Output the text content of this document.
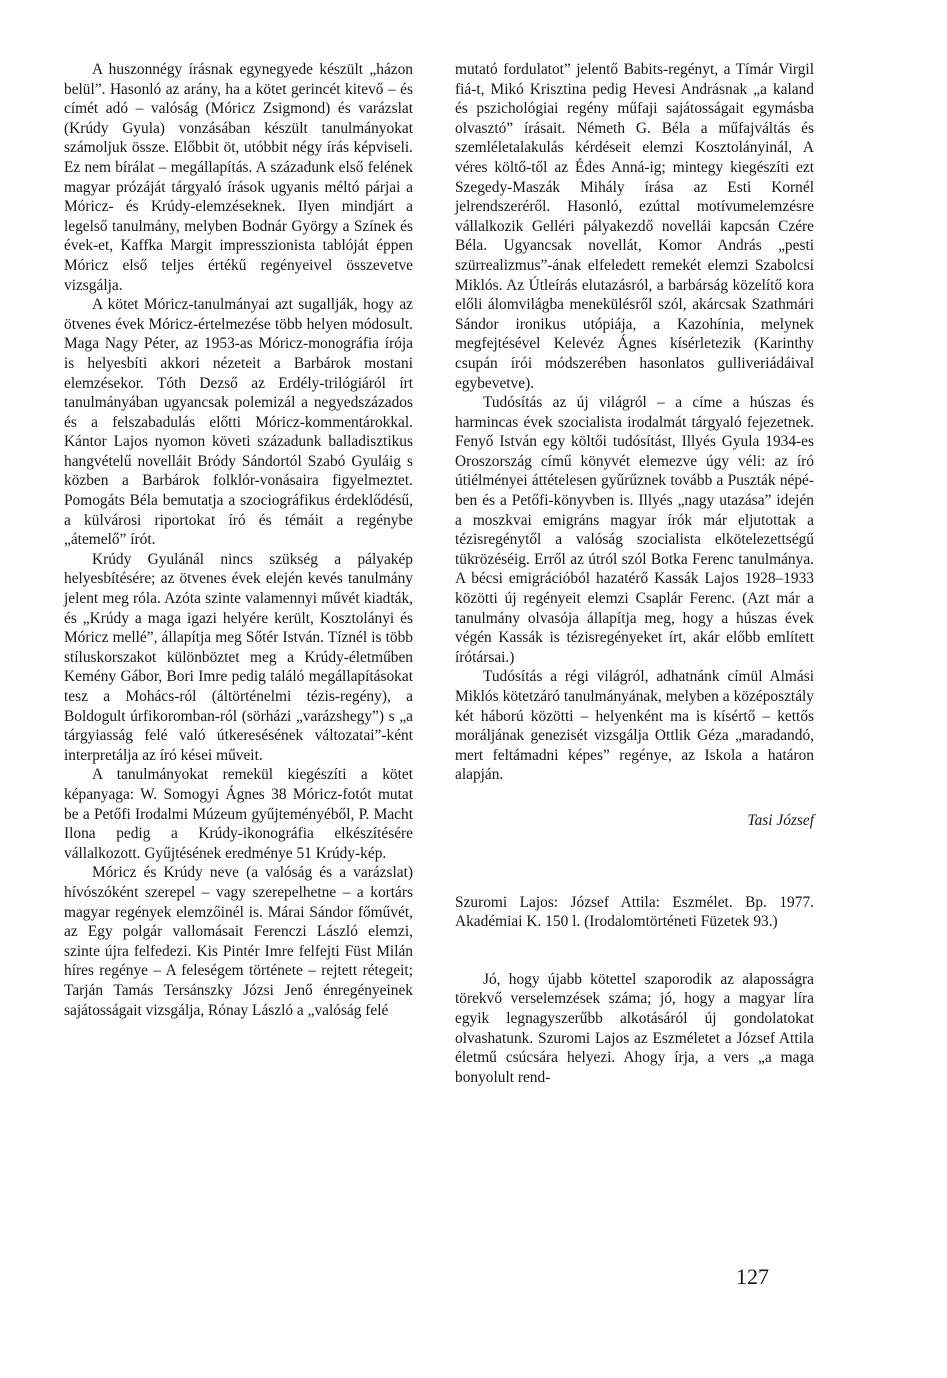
A huszonnégy írásnak egynegyede készült „házon belül”. Hasonló az arány, ha a kötet gerincét kitevő – és címét adó – valóság (Móricz Zsigmond) és varázslat (Krúdy Gyula) vonzásában készült tanulmányokat számoljuk össze. Előbbit öt, utóbbit négy írás képviseli. Ez nem bírálat – megállapítás. A századunk első felének magyar prózáját tárgyaló írások ugyanis méltó párjai a Móricz- és Krúdy-elemzéseknek. Ilyen mindjárt a legelső tanulmány, melyben Bodnár György a Színek és évek-et, Kaffka Margit impresszionista tablóját éppen Móricz első teljes értékű regényeivel összevetve vizsgálja.

A kötet Móricz-tanulmányai azt sugallják, hogy az ötvenes évek Móricz-értelmezése több helyen módosult. Maga Nagy Péter, az 1953-as Móricz-monográfia írója is helyesbíti akkori nézeteit a Barbárok mostani elemzésekor. Tóth Dezső az Erdély-trilógiáról írt tanulmányában ugyancsak polemizál a negyedszázados és a felszabadulás előtti Móricz-kommentárokkal. Kántor Lajos nyomon követi századunk balladisztikus hangvételű novelláit Bródy Sándortól Szabó Gyuláig s közben a Barbárok folklór-vonásaira figyelmeztet. Pomogáts Béla bemutatja a szociográfikus érdeklődésű, a külvárosi riportokat író és témáit a regénybe „átemelő” írót.

Krúdy Gyulánál nincs szükség a pályakép helyesbítésére; az ötvenes évek elején kevés tanulmány jelent meg róla. Azóta szinte valamennyi művét kiadták, és „Krúdy a maga igazi helyére került, Kosztolányi és Móricz mellé”, állapítja meg Sőtér István. Tíznél is több stíluskorszakot különböztet meg a Krúdy-életműben Kemény Gábor, Bori Imre pedig találó megállapításokat tesz a Mohács-ról (áltörténelmi tézis-regény), a Boldogult úrfikoromban-ról (sörházi „varázshegy”) s „a tárgyiasság felé való útkeresésének változatai”-ként interpretálja az író kései műveit.

A tanulmányokat remekül kiegészíti a kötet képanyaga: W. Somogyi Ágnes 38 Móricz-fotót mutat be a Petőfi Irodalmi Múzeum gyűjteményéből, P. Macht Ilona pedig a Krúdy-ikonográfia elkészítésére vállalkozott. Gyűjtésének eredménye 51 Krúdy-kép.

Móricz és Krúdy neve (a valóság és a varázslat) hívószóként szerepel – vagy szerepelhetne – a kortárs magyar regények elemzőinél is. Márai Sándor főművét, az Egy polgár vallomásait Ferenczi László elemzi, szinte újra felfedezi. Kis Pintér Imre felfejti Füst Milán híres regénye – A feleségem története – rejtett rétegeit; Tarján Tamás Tersánszky Józsi Jenő énregényeinek sajátosságait vizsgálja, Rónay László a „valóság felé

mutató fordulatot” jelentő Babits-regényt, a Tímár Virgil fiá-t, Mikó Krisztina pedig Hevesi Andrásnak „a kaland és pszichológiai regény műfaji sajátosságait egymásba olvasztó” írásait. Németh G. Béla a műfajváltás és szemléletalakulás kérdéseit elemzi Kosztolányinál, A véres költő-től az Édes Anná-ig; mintegy kiegészíti ezt Szegedy-Maszák Mihály írása az Esti Kornél jelrendszeréről. Hasonló, ezúttal motívumelemzésre vállalkozik Gelléri pályakezdő novellái kapcsán Czére Béla. Ugyancsak novellát, Komor András „pesti szürrealizmus”-ának elfeledett remekét elemzi Szabolcsi Miklós. Az Útleírás elutazásról, a barbárság közelítő kora előli álomvilágba menekülésről szól, akárcsak Szathmári Sándor ironikus utópiája, a Kazohínia, melynek megfejtésével Kelevéz Ágnes kísérletezik (Karinthy csupán írói módszerében hasonlatos gulliveriádáival egybevetve).

Tudósítás az új világról – a címe a húszas és harmincas évek szocialista irodalmát tárgyaló fejezetnek. Fenyő István egy költői tudósítást, Illyés Gyula 1934-es Oroszország című könyvét elemezve úgy véli: az író útiélményei áttételesen gyűrűznek tovább a Puszták népé-ben és a Petőfi-könyvben is. Illyés „nagy utazása” idején a moszkvai emigráns magyar írók már eljutottak a tézisregénytől a valóság szocialista elkötelezettségű tükrözéséig. Erről az útról szól Botka Ferenc tanulmánya. A bécsi emigrációból hazatérő Kassák Lajos 1928–1933 közötti új regényeit elemzi Csaplár Ferenc. (Azt már a tanulmány olvasója állapítja meg, hogy a húszas évek végén Kassák is tézisregényeket írt, akár előbb említett írótársai.)

Tudósítás a régi világról, adhatnánk címül Almási Miklós kötetzáró tanulmányának, melyben a középosztály két háború közötti – helyenként ma is kísértő – kettős moráljának genezisét vizsgálja Ottlik Géza „maradandó, mert feltámadni képes” regénye, az Iskola a határon alapján.

Tasi József

Szuromi Lajos: József Attila: Eszmélet. Bp. 1977. Akadémiai K. 150 l. (Irodalomtörténeti Füzetek 93.)

Jó, hogy újabb kötettel szaporodik az alaposságra törekvő verselemzések száma; jó, hogy a magyar líra egyik legnagyszerűbb alkotásáról új gondolatokat olvashatunk. Szuromi Lajos az Eszméletet a József Attila életmű csúcsára helyezi. Ahogy írja, a vers „a maga bonyolult rend-

127
